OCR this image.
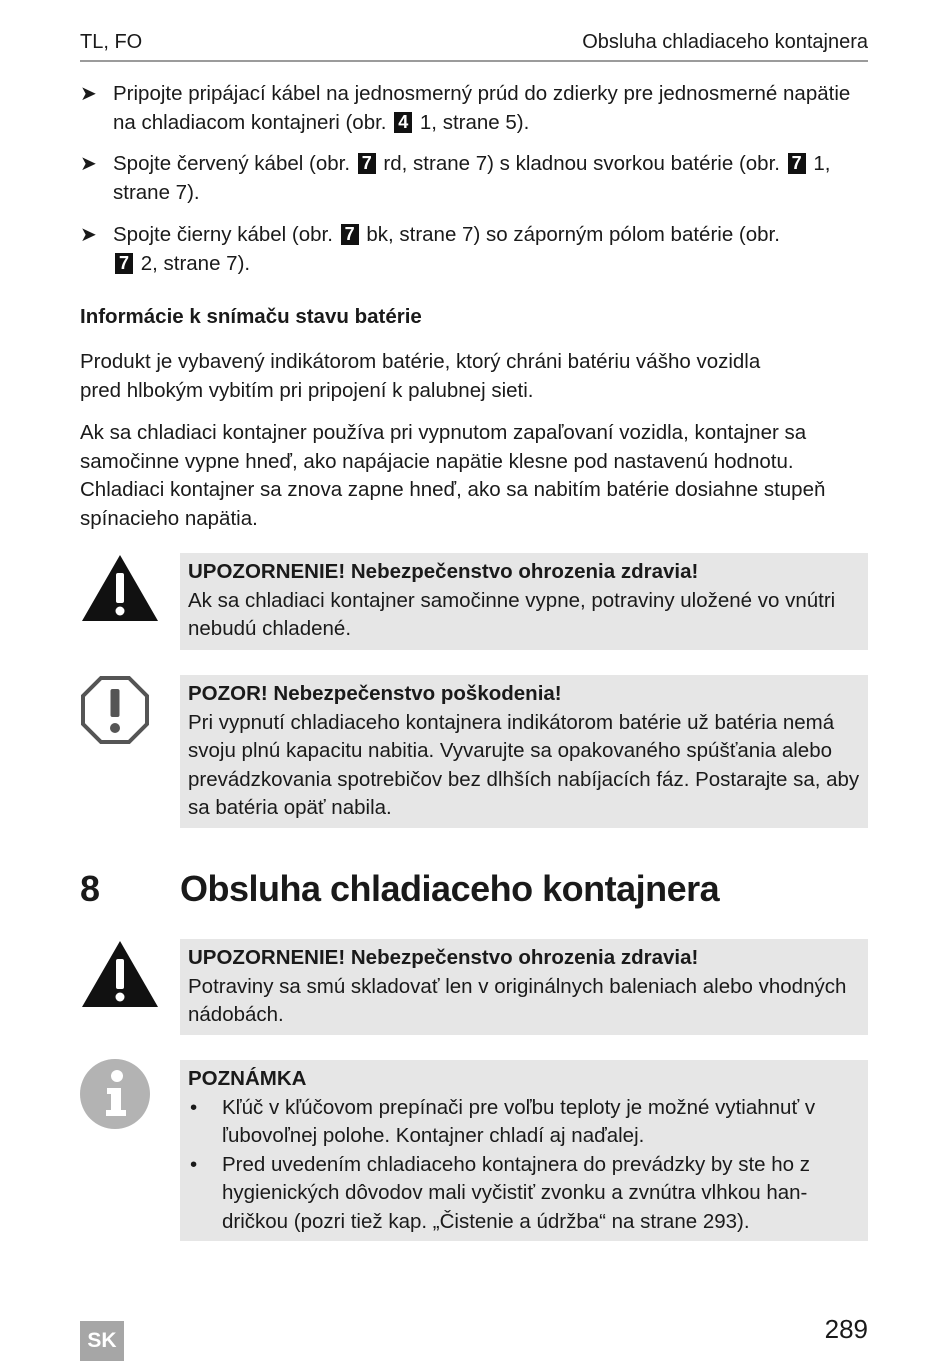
TL, FO	Obsluha chladiaceho kontajnera
➤ Pripojte pripájací kábel na jednosmerný prúd do zdierky pre jednosmerné napätie na chladiacom kontajneri (obr. 4 1, strane 5).
➤ Spojte červený kábel (obr. 7 rd, strane 7) s kladnou svorkou batérie (obr. 7 1, strane 7).
➤ Spojte čierny kábel (obr. 7 bk, strane 7) so záporným pólom batérie (obr. 7 2, strane 7).
Informácie k snímaču stavu batérie
Produkt je vybavený indikátorom batérie, ktorý chráni batériu vášho vozidla pred hlbokým vybitím pri pripojení k palubnej sieti.
Ak sa chladiaci kontajner používa pri vypnutom zapaľovaní vozidla, kontajner sa samočinne vypne hneď, ako napájacie napätie klesne pod nastavenú hodnotu. Chladiaci kontajner sa znova zapne hneď, ako sa nabitím batérie dosiahne stupeň spínacieho napätia.
UPOZORNENIE! Nebezpečenstvo ohrozenia zdravia!
Ak sa chladiaci kontajner samočinne vypne, potraviny uložené vo vnútri nebudú chladené.
POZOR! Nebezpečenstvo poškodenia!
Pri vypnutí chladiaceho kontajnera indikátorom batérie už batéria nemá svoju plnú kapacitu nabitia. Vyvarujte sa opakovaného spúšťania alebo prevádzkovania spotrebičov bez dlhších nabíjacích fáz. Postarajte sa, aby sa batéria opäť nabila.
8 Obsluha chladiaceho kontajnera
UPOZORNENIE! Nebezpečenstvo ohrozenia zdravia!
Potraviny sa smú skladovať len v originálnych baleniach alebo vhodných nádobách.
POZNÁMKA
• Kľúč v kľúčovom prepínači pre voľbu teploty je možné vytiahnuť v ľubovoľnej polohe. Kontajner chladí aj naďalej.
• Pred uvedením chladiaceho kontajnera do prevádzky by ste ho z hygienických dôvodov mali vyčistiť zvonku a zvnútra vlhkou han-dričkou (pozri tiež kap. „Čistenie a údržba“ na strane 293).
SK	289
